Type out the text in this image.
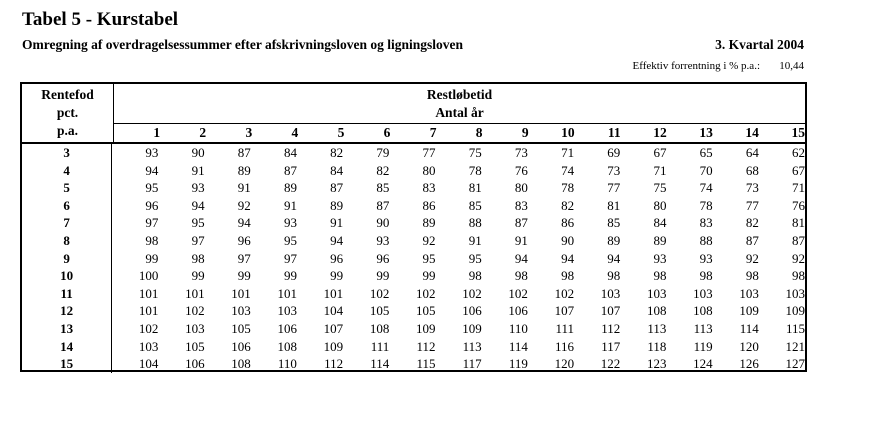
Tabel 5 - Kurstabel
Omregning af overdragelsessummer efter afskrivningsloven og ligningsloven	3. Kvartal 2004
Effektiv forrentning i % p.a.: 10,44
Rentefod
pct.
p.a.
Restløbetid
Antal år
1	2	3	4	5	6	7	8	9	10	11	12	13	14	15
3	93	90	87	84	82	79	77	75	73	71	69	67	65	64	62
4	94	91	89	87	84	82	80	78	76	74	73	71	70	68	67
5	95	93	91	89	87	85	83	81	80	78	77	75	74	73	71
6	96	94	92	91	89	87	86	85	83	82	81	80	78	77	76
7	97	95	94	93	91	90	89	88	87	86	85	84	83	82	81
8	98	97	96	95	94	93	92	91	91	90	89	89	88	87	87
9	99	98	97	97	96	96	95	95	94	94	94	93	93	92	92
10	100	99	99	99	99	99	99	98	98	98	98	98	98	98	98
11	101	101	101	101	101	102	102	102	102	102	103	103	103	103	103
12	101	102	103	103	104	105	105	106	106	107	107	108	108	109	109
13	102	103	105	106	107	108	109	109	110	111	112	113	113	114	115
14	103	105	106	108	109	111	112	113	114	116	117	118	119	120	121
15	104	106	108	110	112	114	115	117	119	120	122	123	124	126	127
